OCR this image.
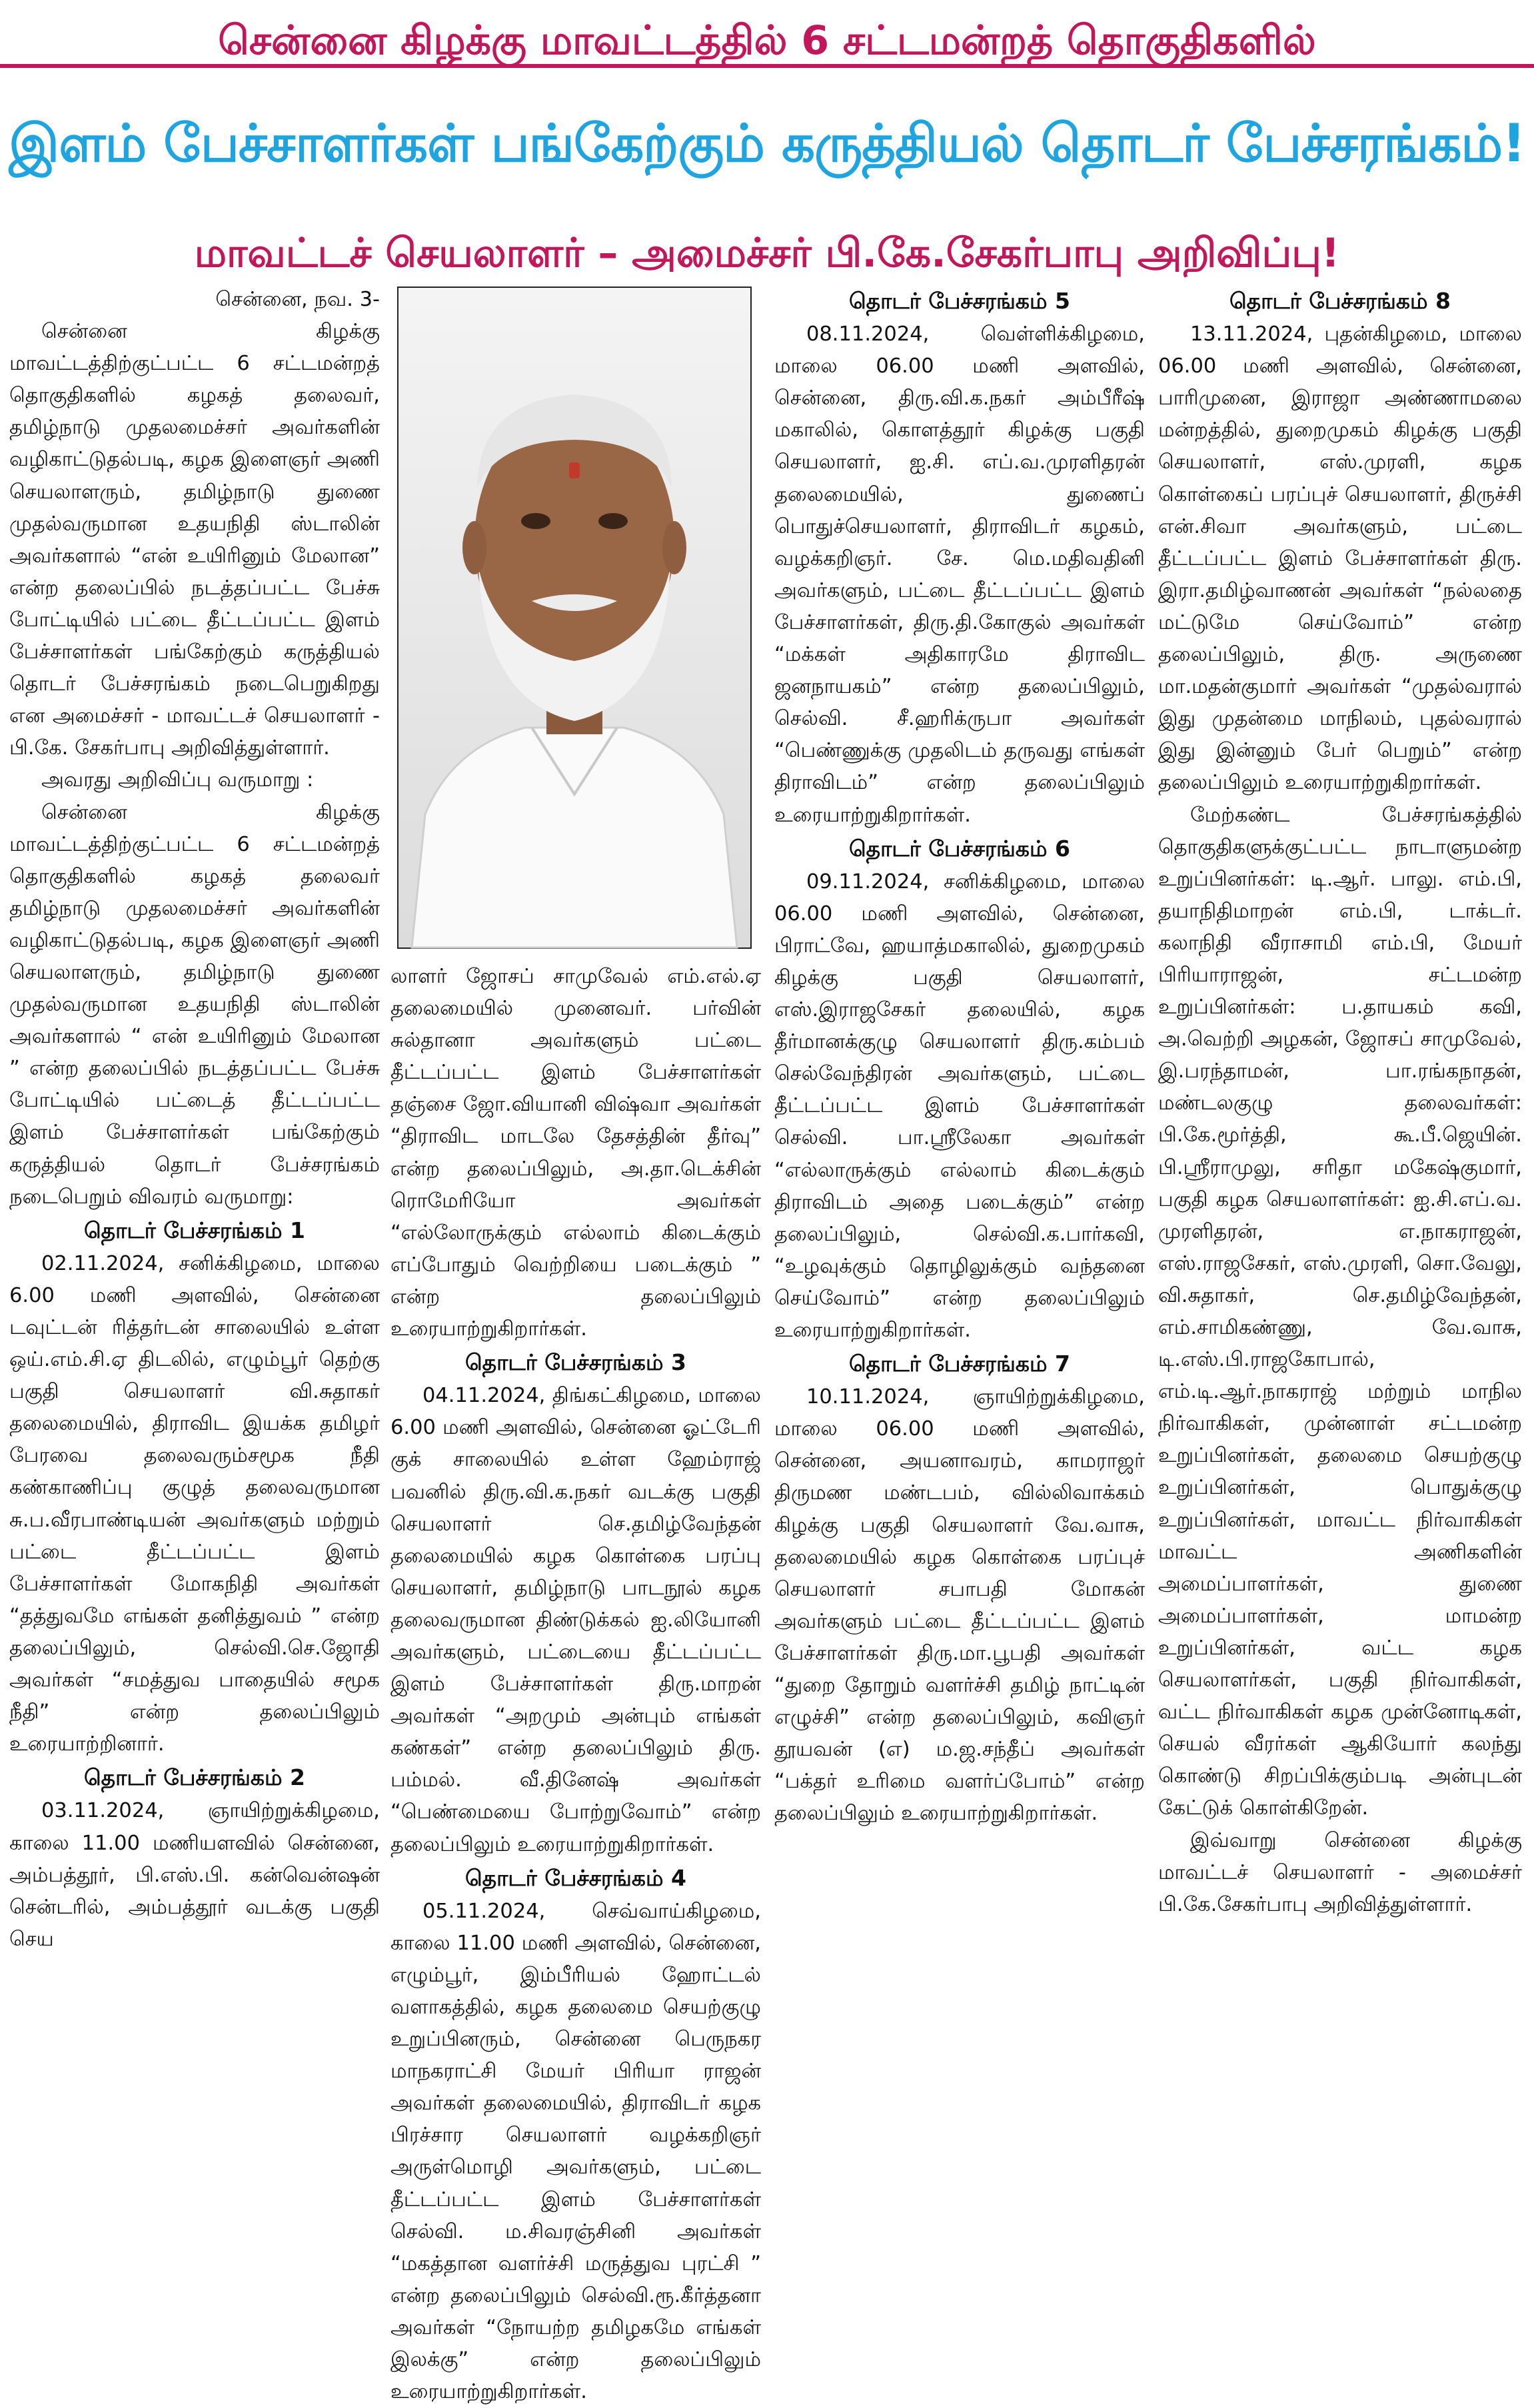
சென்னை கிழக்கு மாவட்டத்தில் 6 சட்டமன்றத் தொகுதிகளில்
இளம் பேச்சாளர்கள் பங்கேற்கும் கருத்தியல் தொடர் பேச்சரங்கம்!
மாவட்டச் செயலாளர் – அமைச்சர் பி.கே.சேகர்பாபு அறிவிப்பு!

சென்னை, நவ. 3-

சென்னை கிழக்கு மாவட்டத்திற்குட்பட்ட 6 சட்டமன்றத் தொகுதிகளில் கழகத் தலைவர், தமிழ்நாடு முதலமைச்சர் அவர்களின் வழிகாட்டுதல்படி, கழக இளைஞர் அணி செயலாளரும், தமிழ்நாடு துணை முதல்வருமான உதயநிதி ஸ்டாலின் அவர்களால் “என் உயிரினும் மேலான” என்ற தலைப்பில் நடத்தப்பட்ட பேச்சு போட்டியில் பட்டை தீட்டப்பட்ட இளம் பேச்சாளர்கள் பங்கேற்கும் கருத்தியல் தொடர் பேச்சரங்கம் நடைபெறுகிறது என அமைச்சர் - மாவட்டச் செயலாளர் - பி.கே. சேகர்பாபு அறிவித்துள்ளார்.

அவரது அறிவிப்பு வருமாறு :

சென்னை கிழக்கு மாவட்டத்திற்குட்பட்ட 6 சட்டமன்றத் தொகுதிகளில் கழகத் தலைவர் தமிழ்நாடு முதலமைச்சர் அவர்களின் வழிகாட்டுதல்படி, கழக இளைஞர் அணி செயலாளரும், தமிழ்நாடு துணை முதல்வருமான உதயநிதி ஸ்டாலின் அவர்களால் “ என் உயிரினும் மேலான ” என்ற தலைப்பில் நடத்தப்பட்ட பேச்சு போட்டியில் பட்டைத் தீட்டப்பட்ட இளம் பேச்சாளர்கள் பங்கேற்கும் கருத்தியல் தொடர் பேச்சரங்கம் நடைபெறும் விவரம் வருமாறு:

தொடர் பேச்சரங்கம் 1

02.11.2024, சனிக்கிழமை, மாலை 6.00 மணி அளவில், சென்னை டவுட்டன் ரித்தர்டன் சாலையில் உள்ள ஒய்.எம்.சி.ஏ திடலில், எழும்பூர் தெற்கு பகுதி செயலாளர் வி.சுதாகர் தலைமையில், திராவிட இயக்க தமிழர் பேரவை தலைவரும்சமூக நீதி கண்காணிப்பு குழுத் தலைவருமான சு.ப.வீரபாண்டியன் அவர்களும் மற்றும் பட்டை தீட்டப்பட்ட இளம் பேச்சாளர்கள் மோகநிதி அவர்கள் “தத்துவமே எங்கள் தனித்துவம் ” என்ற தலைப்பிலும், செல்வி.செ.ஜோதி அவர்கள் “சமத்துவ பாதையில் சமூக நீதி” என்ற தலைப்பிலும் உரையாற்றினார்.

தொடர் பேச்சரங்கம் 2

03.11.2024, ஞாயிற்றுக்கிழமை, காலை 11.00 மணியளவில் சென்னை, அம்பத்தூர், பி.எஸ்.பி. கன்வென்ஷன் சென்டரில், அம்பத்தூர் வடக்கு பகுதி செய

லாளர் ஜோசப் சாமுவேல் எம்.எல்.ஏ தலைமையில் முனைவர். பர்வின் சுல்தானா அவர்களும் பட்டை தீட்டப்பட்ட இளம் பேச்சாளர்கள் தஞ்சை ஜோ.வியானி விஷ்வா அவர்கள் “திராவிட மாடலே தேசத்தின் தீர்வு” என்ற தலைப்பிலும், அ.தா.டெக்சின் ரொமேரியோ அவர்கள் “எல்லோருக்கும் எல்லாம் கிடைக்கும் எப்போதும் வெற்றியை படைக்கும் ” என்ற தலைப்பிலும் உரையாற்றுகிறார்கள்.

தொடர் பேச்சரங்கம் 3

04.11.2024, திங்கட்கிழமை, மாலை 6.00 மணி அளவில், சென்னை ஓட்டேரி குக் சாலையில் உள்ள ஹேம்ராஜ் பவனில் திரு.வி.க.நகர் வடக்கு பகுதி செயலாளர் செ.தமிழ்வேந்தன் தலைமையில் கழக கொள்கை பரப்பு செயலாளர், தமிழ்நாடு பாடநூல் கழக தலைவருமான திண்டுக்கல் ஐ.லியோனி அவர்களும், பட்டையை தீட்டப்பட்ட இளம் பேச்சாளர்கள் திரு.மாறன் அவர்கள் “அறமும் அன்பும் எங்கள் கண்கள்” என்ற தலைப்பிலும் திரு. பம்மல். வீ.தினேஷ் அவர்கள் “பெண்மையை போற்றுவோம்” என்ற தலைப்பிலும் உரையாற்றுகிறார்கள்.

தொடர் பேச்சரங்கம் 4

05.11.2024, செவ்வாய்கிழமை, காலை 11.00 மணி அளவில், சென்னை, எழும்பூர், இம்பீரியல் ஹோட்டல் வளாகத்தில், கழக தலைமை செயற்குழு உறுப்பினரும், சென்னை பெருநகர மாநகராட்சி மேயர் பிரியா ராஜன் அவர்கள் தலைமையில், திராவிடர் கழக பிரச்சார செயலாளர் வழக்கறிஞர் அருள்மொழி அவர்களும், பட்டை தீட்டப்பட்ட இளம் பேச்சாளர்கள் செல்வி. ம.சிவரஞ்சினி அவர்கள் “மகத்தான வளர்ச்சி மருத்துவ புரட்சி ” என்ற தலைப்பிலும் செல்வி.ரூ.கீர்த்தனா அவர்கள் “நோயற்ற தமிழகமே எங்கள் இலக்கு” என்ற தலைப்பிலும் உரையாற்றுகிறார்கள்.

தொடர் பேச்சரங்கம் 5

08.11.2024, வெள்ளிக்கிழமை, மாலை 06.00 மணி அளவில், சென்னை, திரு.வி.க.நகர் அம்பீரீஷ் மகாலில், கொளத்தூர் கிழக்கு பகுதி செயலாளர், ஐ.சி. எப்.வ.முரளிதரன் தலைமையில், துணைப் பொதுச்செயலாளர், திராவிடர் கழகம், வழக்கறிஞர். சே. மெ.மதிவதினி அவர்களும், பட்டை தீட்டப்பட்ட இளம் பேச்சாளர்கள், திரு.தி.கோகுல் அவர்கள் “மக்கள் அதிகாரமே திராவிட ஜனநாயகம்” என்ற தலைப்பிலும், செல்வி. சீ.ஹரிக்ருபா அவர்கள் “பெண்ணுக்கு முதலிடம் தருவது எங்கள் திராவிடம்” என்ற தலைப்பிலும் உரையாற்றுகிறார்கள்.

தொடர் பேச்சரங்கம் 6

09.11.2024, சனிக்கிழமை, மாலை 06.00 மணி அளவில், சென்னை, பிராட்வே, ஹயாத்மகாலில், துறைமுகம் கிழக்கு பகுதி செயலாளர், எஸ்.இராஜசேகர் தலையில், கழக தீர்மானக்குழு செயலாளர் திரு.கம்பம் செல்வேந்திரன் அவர்களும், பட்டை தீட்டப்பட்ட இளம் பேச்சாளர்கள் செல்வி. பா.ஸ்ரீலேகா அவர்கள் “எல்லாருக்கும் எல்லாம் கிடைக்கும் திராவிடம் அதை படைக்கும்” என்ற தலைப்பிலும், செல்வி.க.பார்கவி, “உழவுக்கும் தொழிலுக்கும் வந்தனை செய்வோம்” என்ற தலைப்பிலும் உரையாற்றுகிறார்கள்.

தொடர் பேச்சரங்கம் 7

10.11.2024, ஞாயிற்றுக்கிழமை, மாலை 06.00 மணி அளவில், சென்னை, அயனாவரம், காமராஜர் திருமண மண்டபம், வில்லிவாக்கம் கிழக்கு பகுதி செயலாளர் வே.வாசு, தலைமையில் கழக கொள்கை பரப்புச் செயலாளர் சபாபதி மோகன் அவர்களும் பட்டை தீட்டப்பட்ட இளம் பேச்சாளர்கள் திரு.மா.பூபதி அவர்கள் “துறை தோறும் வளர்ச்சி தமிழ் நாட்டின் எழுச்சி” என்ற தலைப்பிலும், கவிஞர் தூயவன் (எ) ம.ஜ.சந்தீப் அவர்கள் “பக்தர் உரிமை வளர்ப்போம்” என்ற தலைப்பிலும் உரையாற்றுகிறார்கள்.

தொடர் பேச்சரங்கம் 8

13.11.2024, புதன்கிழமை, மாலை 06.00 மணி அளவில், சென்னை, பாரிமுனை, இராஜா அண்ணாமலை மன்றத்தில், துறைமுகம் கிழக்கு பகுதி செயலாளர், எஸ்.முரளி, கழக கொள்கைப் பரப்புச் செயலாளர், திருச்சி என்.சிவா அவர்களும், பட்டை தீட்டப்பட்ட இளம் பேச்சாளர்கள் திரு. இரா.தமிழ்வாணன் அவர்கள் “நல்லதை மட்டுமே செய்வோம்” என்ற தலைப்பிலும், திரு. அருணை மா.மதன்குமார் அவர்கள் “முதல்வரால் இது முதன்மை மாநிலம், புதல்வரால் இது இன்னும் பேர் பெறும்” என்ற தலைப்பிலும் உரையாற்றுகிறார்கள்.

மேற்கண்ட பேச்சரங்கத்தில் தொகுதிகளுக்குட்பட்ட நாடாளுமன்ற உறுப்பினர்கள்: டி.ஆர். பாலு. எம்.பி, தயாநிதிமாறன் எம்.பி, டாக்டர். கலாநிதி வீராசாமி எம்.பி, மேயர் பிரியாராஜன், சட்டமன்ற உறுப்பினர்கள்: ப.தாயகம் கவி, அ.வெற்றி அழகன், ஜோசப் சாமுவேல், இ.பரந்தாமன், பா.ரங்கநாதன், மண்டலகுழு தலைவர்கள்: பி.கே.மூர்த்தி, கூ.பீ.ஜெயின். பி.ஸ்ரீராமுலு, சரிதா மகேஷ்குமார், பகுதி கழக செயலாளர்கள்: ஐ.சி.எப்.வ. முரளிதரன், எ.நாகராஜன், எஸ்.ராஜசேகர், எஸ்.முரளி, சொ.வேலு, வி.சுதாகர், செ.தமிழ்வேந்தன், எம்.சாமிகண்ணு, வே.வாசு, டி.எஸ்.பி.ராஜகோபால், எம்.டி.ஆர்.நாகராஜ் மற்றும் மாநில நிர்வாகிகள், முன்னாள் சட்டமன்ற உறுப்பினர்கள், தலைமை செயற்குழு உறுப்பினர்கள், பொதுக்குழு உறுப்பினர்கள், மாவட்ட நிர்வாகிகள் மாவட்ட அணிகளின் அமைப்பாளர்கள், துணை அமைப்பாளர்கள், மாமன்ற உறுப்பினர்கள், வட்ட கழக செயலாளர்கள், பகுதி நிர்வாகிகள், வட்ட நிர்வாகிகள் கழக முன்னோடிகள், செயல் வீரர்கள் ஆகியோர் கலந்து கொண்டு சிறப்பிக்கும்படி அன்புடன் கேட்டுக் கொள்கிறேன்.

இவ்வாறு சென்னை கிழக்கு மாவட்டச் செயலாளர் - அமைச்சர் பி.கே.சேகர்பாபு அறிவித்துள்ளார்.
